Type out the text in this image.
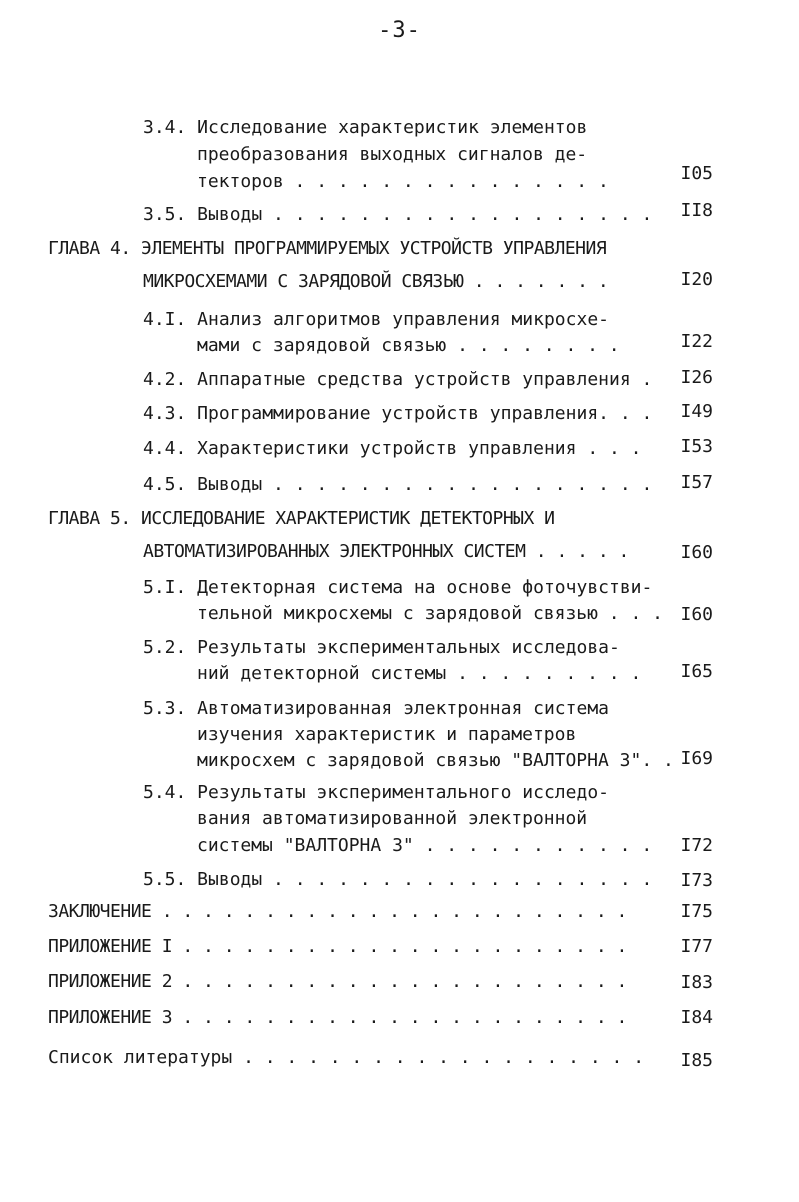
-3-
3.4. Исследование характеристик элементов
преобразования выходных сигналов де-
текторов . . . . . . . . . . . . . . .	I05
3.5. Выводы . . . . . . . . . . . . . . . . . . II8
ГЛАВА 4. ЭЛЕМЕНТЫ ПРОГРАММИРУЕМЫХ УСТРОЙСТВ УПРАВЛЕНИЯ
МИКРОСХЕМАМИ С ЗАРЯДОВОЙ СВЯЗЬЮ . . . . . . .	I20
4.I. Анализ алгоритмов управления микросхе-
мами с зарядовой связью . . . . . . . .	I22
4.2. Аппаратные средства устройств управления . I26
4.3. Программирование устройств управления. . . I49
4.4. Характеристики устройств управления . . . I53
4.5. Выводы . . . . . . . . . . . . . . . . . . I57
ГЛАВА 5. ИССЛЕДОВАНИЕ ХАРАКТЕРИСТИК ДЕТЕКТОРНЫХ И
АВТОМАТИЗИРОВАННЫХ ЭЛЕКТРОННЫХ СИСТЕМ . . . . .	I60
5.I. Детекторная система на основе фоточувстви-
тельной микросхемы с зарядовой связью . . . I60
5.2. Результаты экспериментальных исследова-
ний детекторной системы . . . . . . . . . I65
5.3. Автоматизированная электронная система
изучения характеристик и параметров
микросхем с зарядовой связью "ВАЛТОРНА 3". . I69
5.4. Результаты экспериментального исследо-
вания автоматизированной электронной
системы "ВАЛТОРНА 3" . . . . . . . . . . . I72
5.5. Выводы . . . . . . . . . . . . . . . . . . I73
ЗАКЛЮЧЕНИЕ . . . . . . . . . . . . . . . . . . . . . . .	I75
ПРИЛОЖЕНИЕ I . . . . . . . . . . . . . . . . . . . . . .	I77
ПРИЛОЖЕНИЕ 2 . . . . . . . . . . . . . . . . . . . . . .	I83
ПРИЛОЖЕНИЕ 3 . . . . . . . . . . . . . . . . . . . . . .	I84
Список литературы . . . . . . . . . . . . . . . . . . . I85
